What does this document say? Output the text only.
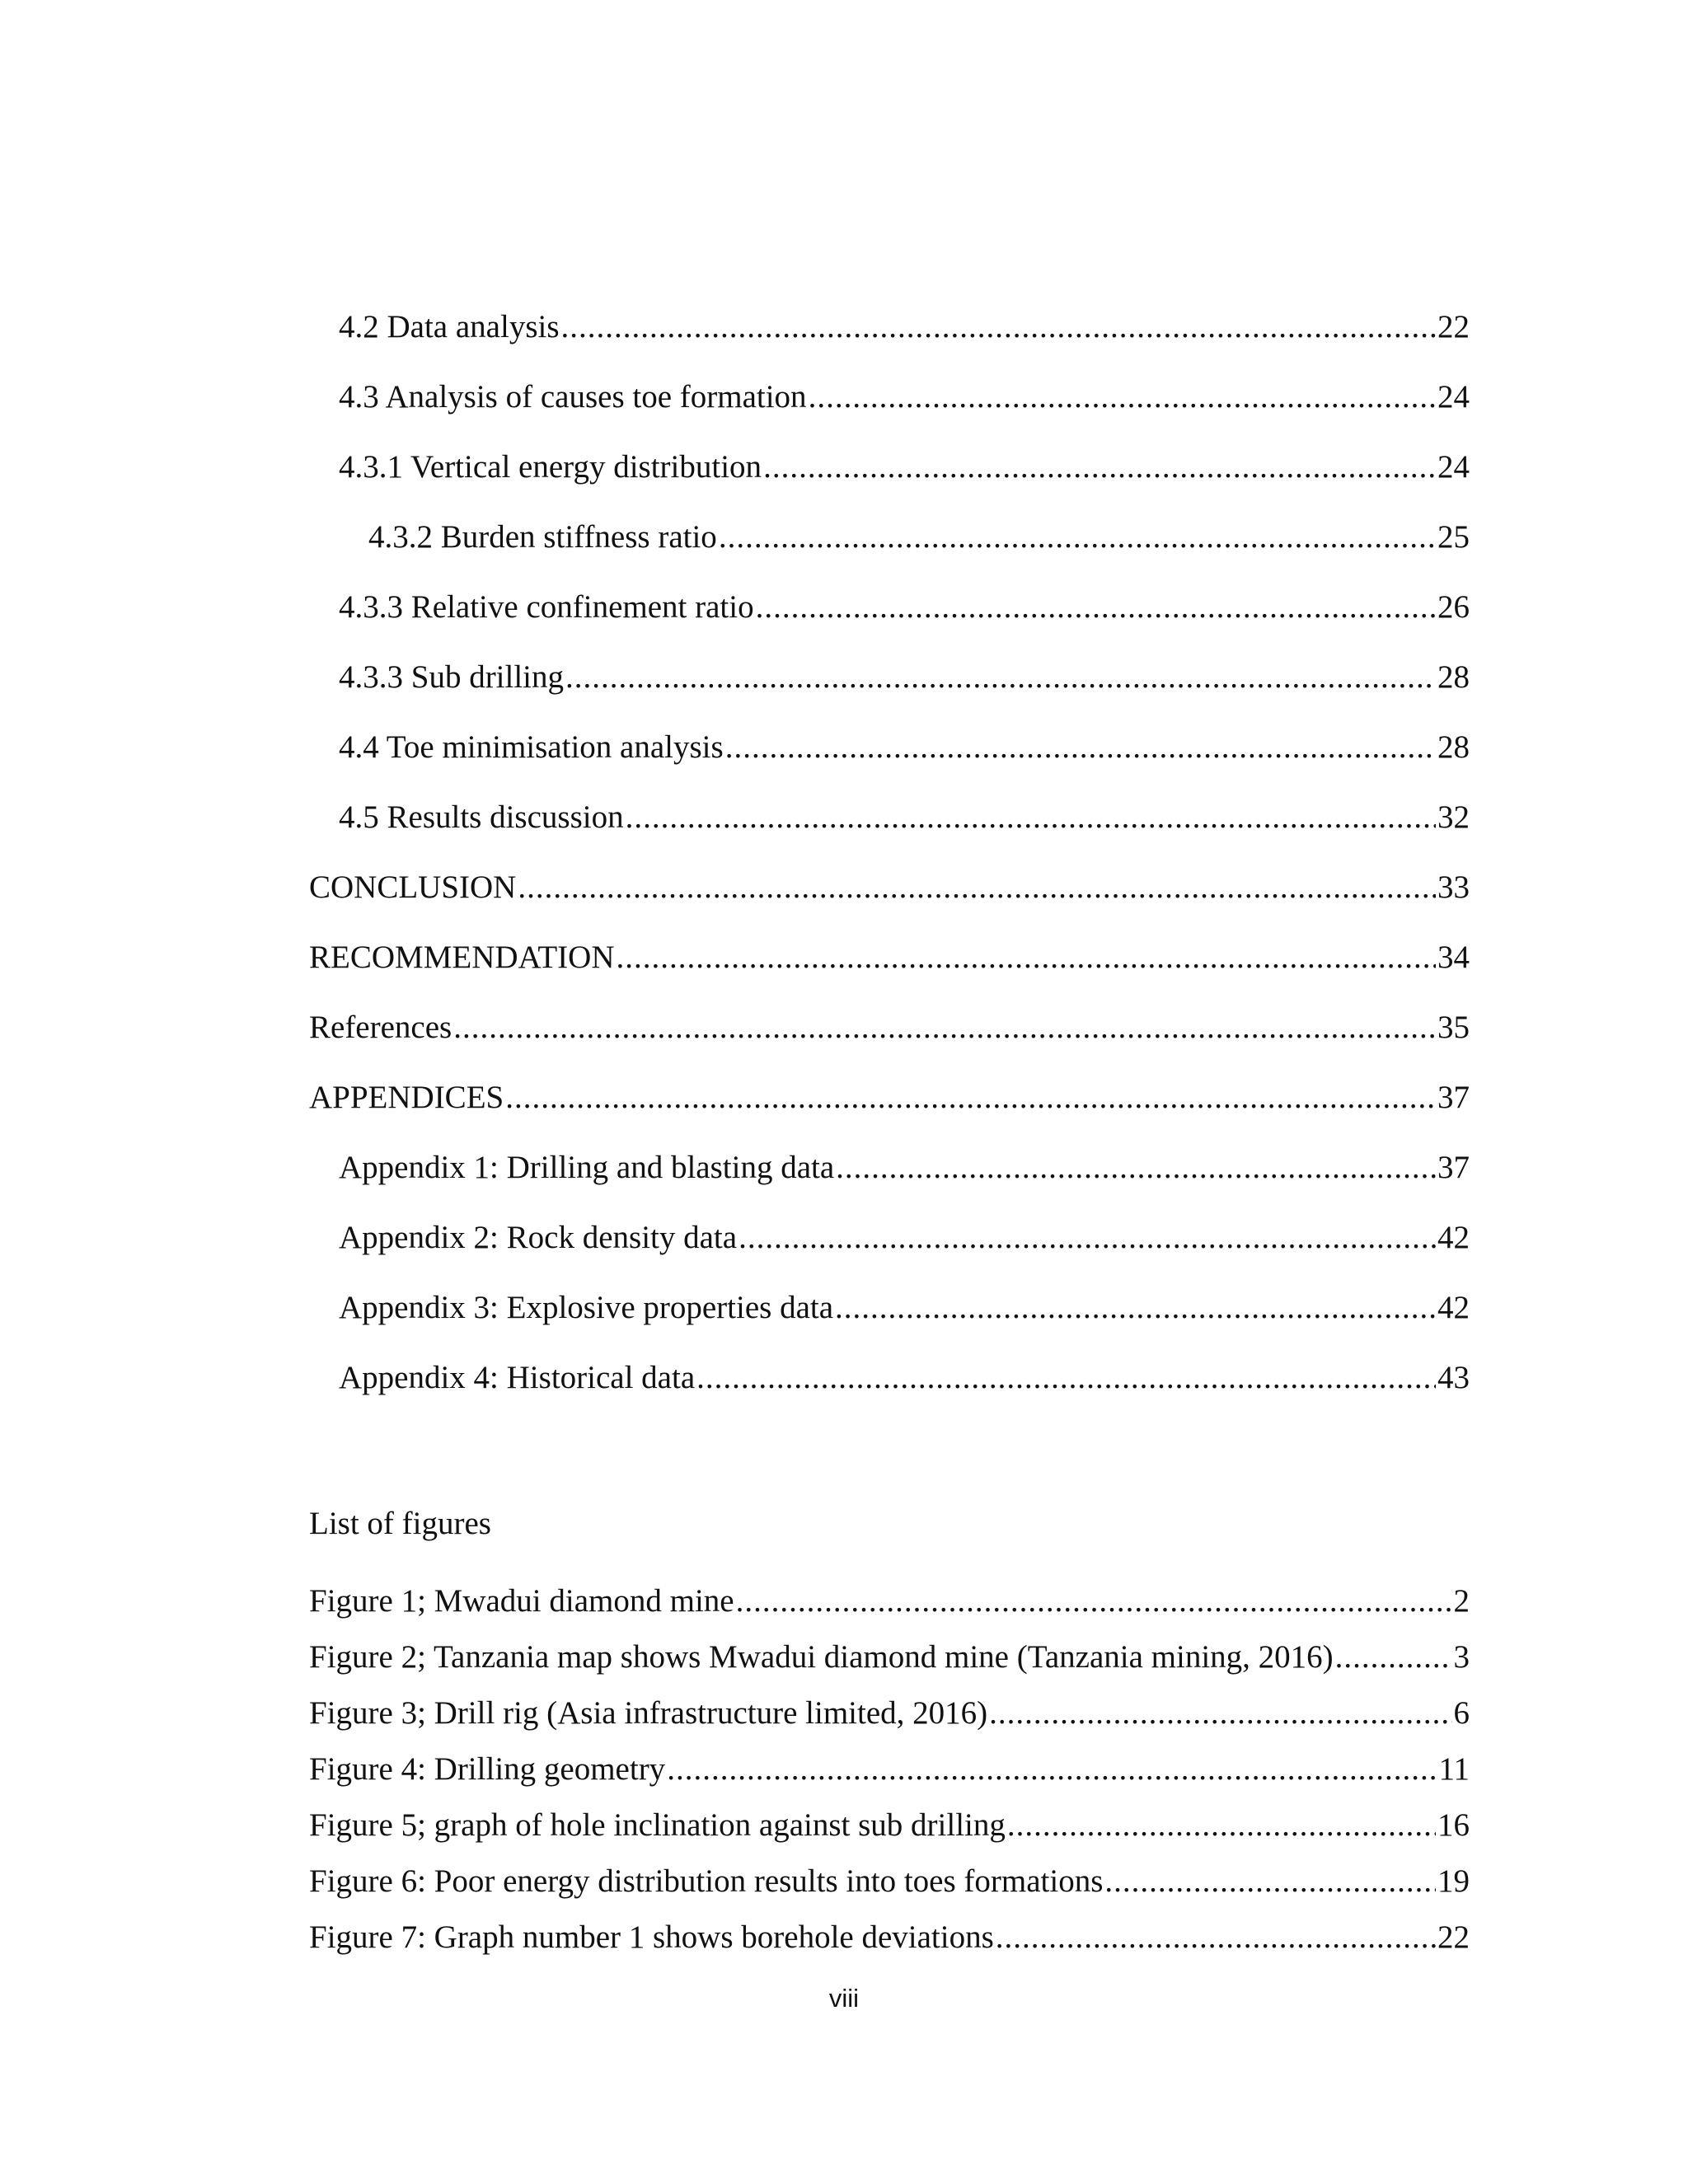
4.2 Data analysis .....	22
4.3 Analysis of causes toe formation .....	24
4.3.1 Vertical energy distribution .....	24
4.3.2 Burden stiffness ratio .....	25
4.3.3 Relative confinement ratio .....	26
4.3.3 Sub drilling .....	28
4.4 Toe minimisation analysis .....	28
4.5 Results discussion .....	32
CONCLUSION .....	33
RECOMMENDATION .....	34
References .....	35
APPENDICES .....	37
Appendix 1: Drilling and blasting data .....	37
Appendix 2: Rock density data .....	42
Appendix 3: Explosive properties data .....	42
Appendix 4: Historical data .....	43
List of figures
Figure 1; Mwadui diamond mine .....	2
Figure 2; Tanzania map shows Mwadui diamond mine (Tanzania mining, 2016) .....	3
Figure 3; Drill rig (Asia infrastructure limited, 2016) .....	6
Figure 4: Drilling geometry .....	11
Figure 5; graph of hole inclination against sub drilling .....	16
Figure 6: Poor energy distribution results into toes formations .....	19
Figure 7: Graph number 1 shows borehole deviations .....	22
viii
